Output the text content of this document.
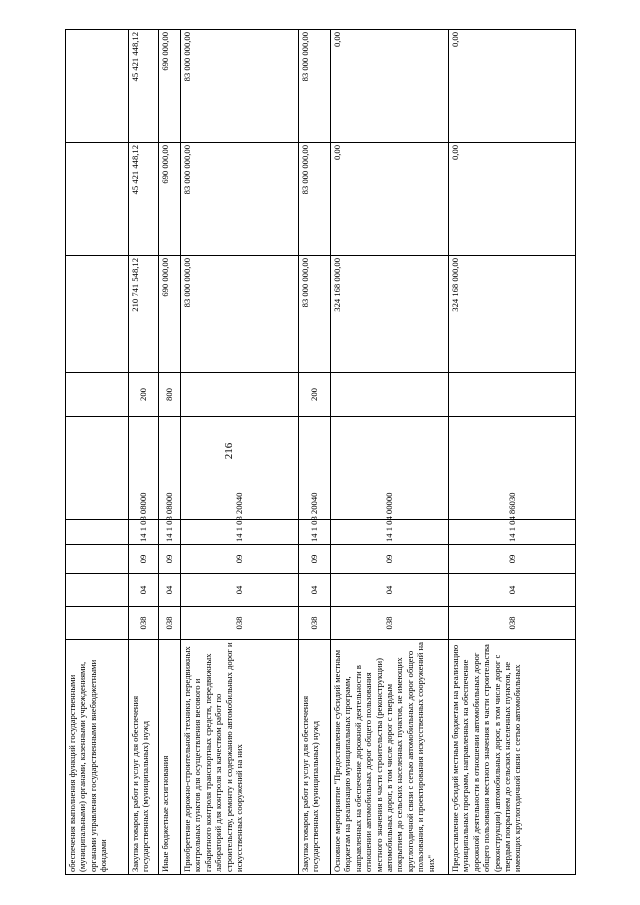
216
обеспечения выполнения функций государственными (муниципальными) органами, казенными учреждениями, органами управления государственными внебюджетными фондами									
Закупка товаров, работ и услуг для обеспечения государственных (муниципальных) нужд	038	04	09	14 1 03 08000		200	210 741 548,12	45 421 448,12	45 421 448,12
Иные бюджетные ассигнования	038	04	09	14 1 03 08000		800	690 000,00	690 000,00	690 000,00
Приобретение дорожно-строительной техники, передвижных контрольных пунктов для осуществления весового и габаритного контроля транспортных средств, передвижных лабораторий для контроля за качеством работ по строительству, ремонту и содержанию автомобильных дорог и искусственных сооружений на них	038	04	09	14 1 03 20040			83 000 000,00	83 000 000,00	83 000 000,00
Закупка товаров, работ и услуг для обеспечения государственных (муниципальных) нужд	038	04	09	14 1 03 20040		200	83 000 000,00	83 000 000,00	83 000 000,00
Основное мероприятие "Предоставление субсидий местным бюджетам на реализацию муниципальных программ, направленных на обеспечение дорожной деятельности в отношении автомобильных дорог общего пользования местного значения в части строительства (реконструкции) автомобильных дорог, в том числе дорог с твердым покрытием до сельских населенных пунктов, не имеющих круглогодичной связи с сетью автомобильных дорог общего пользования, и проектирования искусственных сооружений на них"	038	04	09	14 1 04 00000			324 168 000,00	0,00	0,00
Предоставление субсидий местным бюджетам на реализацию муниципальных программ, направленных на обеспечение дорожной деятельности в отношении автомобильных дорог общего пользования местного значения в части строительства (реконструкции) автомобильных дорог, в том числе дорог с твердым покрытием до сельских населенных пунктов, не имеющих круглогодичной связи с сетью автомобильных	038	04	09	14 1 04 86030			324 168 000,00	0,00	0,00
